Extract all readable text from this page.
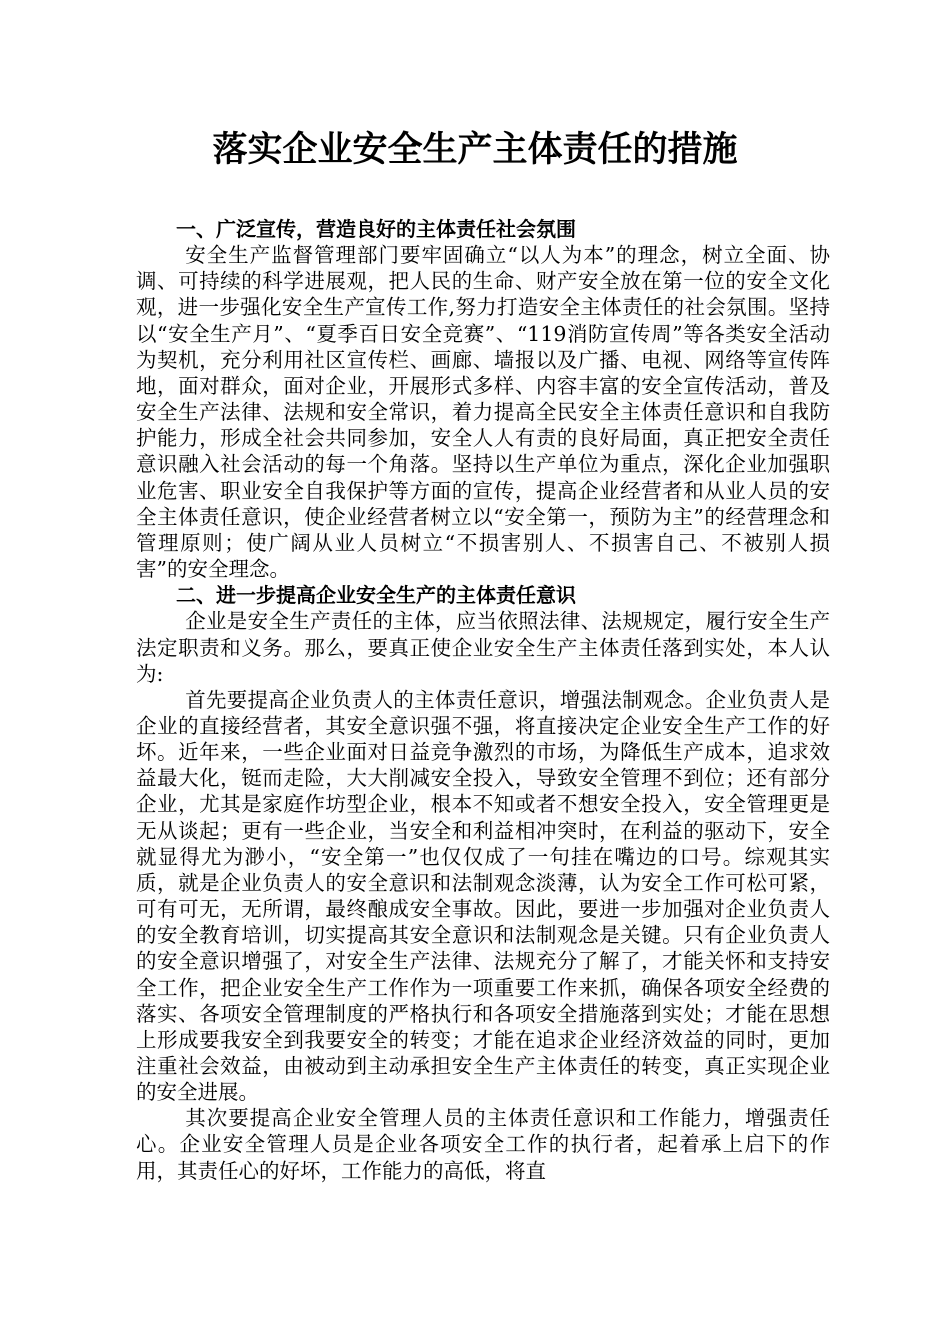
落实企业安全生产主体责任的措施

一、广泛宣传，营造良好的主体责任社会氛围

安全生产监督管理部门要牢固确立“以人为本”的理念，树立全面、协调、可持续的科学进展观，把人民的生命、财产安全放在第一位的安全文化观，进一步强化安全生产宣传工作,努力打造安全主体责任的社会氛围。坚持以“安全生产月”、“夏季百日安全竞赛”、“119消防宣传周”等各类安全活动为契机，充分利用社区宣传栏、画廊、墙报以及广播、电视、网络等宣传阵地，面对群众，面对企业，开展形式多样、内容丰富的安全宣传活动，普及安全生产法律、法规和安全常识，着力提高全民安全主体责任意识和自我防护能力，形成全社会共同参加，安全人人有责的良好局面，真正把安全责任意识融入社会活动的每一个角落。坚持以生产单位为重点，深化企业加强职业危害、职业安全自我保护等方面的宣传，提高企业经营者和从业人员的安全主体责任意识，使企业经营者树立以“安全第一，预防为主”的经营理念和管理原则；使广阔从业人员树立“不损害别人、不损害自己、不被别人损害”的安全理念。

二、进一步提高企业安全生产的主体责任意识

企业是安全生产责任的主体，应当依照法律、法规规定，履行安全生产法定职责和义务。那么，要真正使企业安全生产主体责任落到实处，本人认为:

首先要提高企业负责人的主体责任意识，增强法制观念。企业负责人是企业的直接经营者，其安全意识强不强，将直接决定企业安全生产工作的好坏。近年来，一些企业面对日益竞争激烈的市场，为降低生产成本，追求效益最大化，铤而走险，大大削减安全投入，导致安全管理不到位；还有部分企业，尤其是家庭作坊型企业，根本不知或者不想安全投入，安全管理更是无从谈起；更有一些企业，当安全和利益相冲突时，在利益的驱动下，安全就显得尤为渺小，“安全第一”也仅仅成了一句挂在嘴边的口号。综观其实质，就是企业负责人的安全意识和法制观念淡薄，认为安全工作可松可紧，可有可无，无所谓，最终酿成安全事故。因此，要进一步加强对企业负责人的安全教育培训，切实提高其安全意识和法制观念是关键。只有企业负责人的安全意识增强了，对安全生产法律、法规充分了解了，才能关怀和支持安全工作，把企业安全生产工作作为一项重要工作来抓，确保各项安全经费的落实、各项安全管理制度的严格执行和各项安全措施落到实处；才能在思想上形成要我安全到我要安全的转变；才能在追求企业经济效益的同时，更加注重社会效益，由被动到主动承担安全生产主体责任的转变，真正实现企业的安全进展。

其次要提高企业安全管理人员的主体责任意识和工作能力，增强责任心。企业安全管理人员是企业各项安全工作的执行者，起着承上启下的作用，其责任心的好坏，工作能力的高低，将直
